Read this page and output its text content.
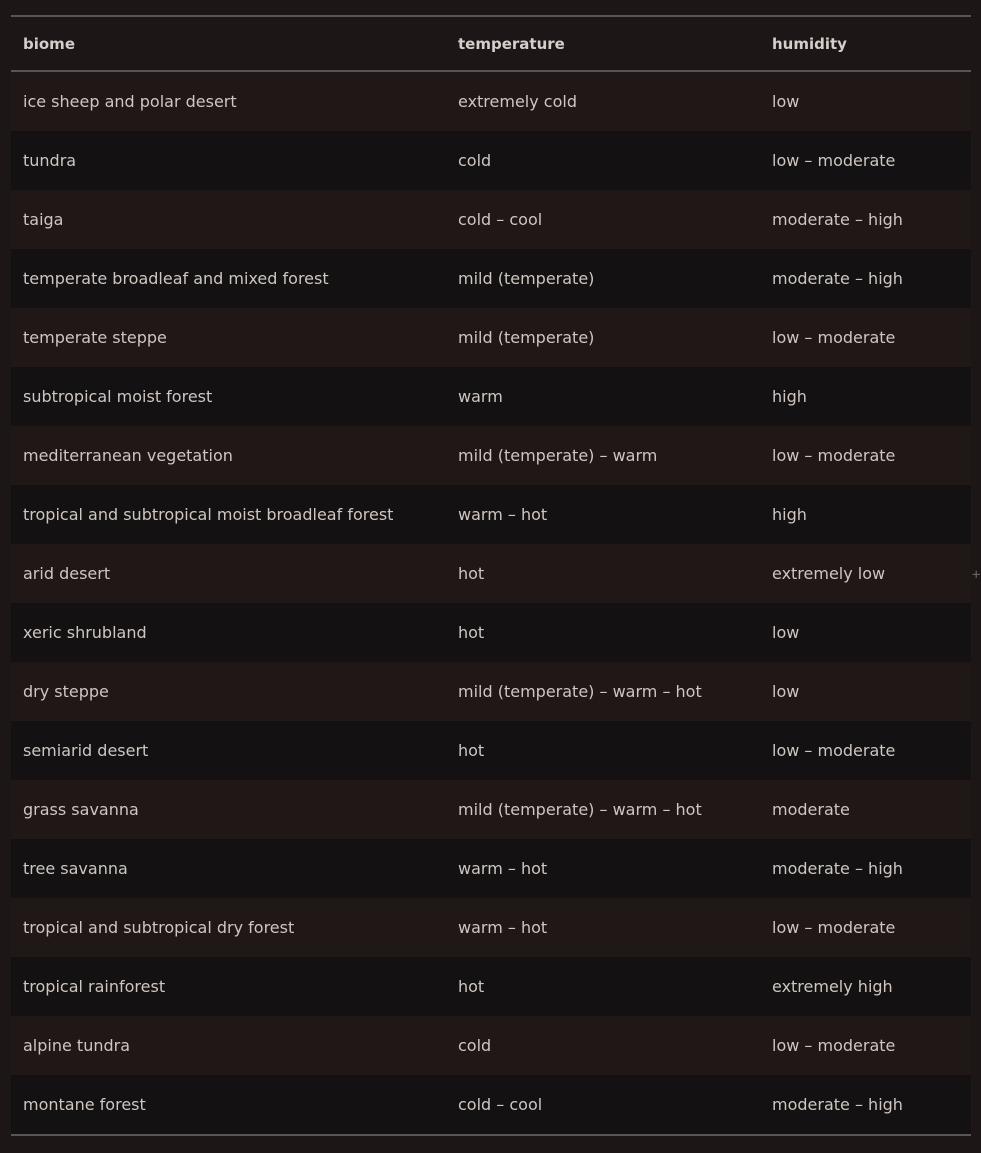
biome	temperature	humidity
ice sheep and polar desert	extremely cold	low
tundra	cold	low – moderate
taiga	cold – cool	moderate – high
temperate broadleaf and mixed forest	mild (temperate)	moderate – high
temperate steppe	mild (temperate)	low – moderate
subtropical moist forest	warm	high
mediterranean vegetation	mild (temperate) – warm	low – moderate
tropical and subtropical moist broadleaf forest	warm – hot	high
arid desert	hot	extremely low
xeric shrubland	hot	low
dry steppe	mild (temperate) – warm – hot	low
semiarid desert	hot	low – moderate
grass savanna	mild (temperate) – warm – hot	moderate
tree savanna	warm – hot	moderate – high
tropical and subtropical dry forest	warm – hot	low – moderate
tropical rainforest	hot	extremely high
alpine tundra	cold	low – moderate
montane forest	cold – cool	moderate – high
+
